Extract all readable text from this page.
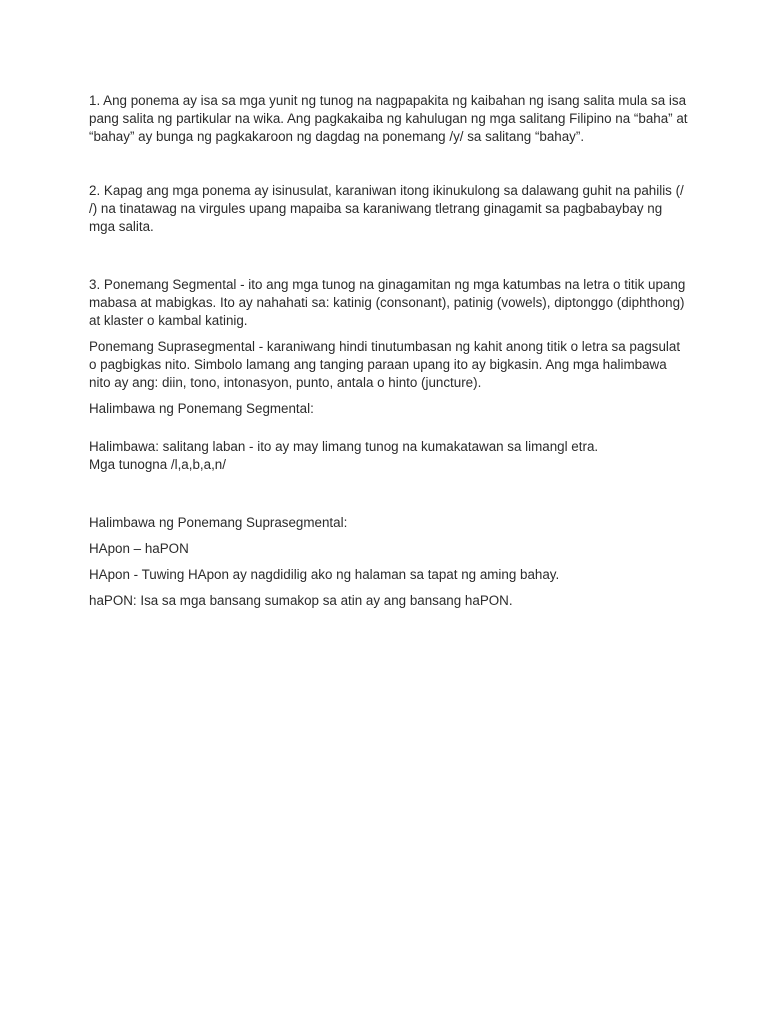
1. Ang ponema ay isa sa mga yunit ng tunog na nagpapakita ng kaibahan ng isang salita mula sa isa pang salita ng partikular na wika. Ang pagkakaiba ng kahulugan ng mga salitang Filipino na “baha” at “bahay” ay bunga ng pagkakaroon ng dagdag na ponemang /y/ sa salitang “bahay”.

2. Kapag ang mga ponema ay isinusulat, karaniwan itong ikinukulong sa dalawang guhit na pahilis (/ /) na tinatawag na virgules upang mapaiba sa karaniwang tletrang ginagamit sa pagbabaybay ng mga salita.

3. Ponemang Segmental - ito ang mga tunog na ginagamitan ng mga katumbas na letra o titik upang mabasa at mabigkas. Ito ay nahahati sa: katinig (consonant), patinig (vowels), diptonggo (diphthong) at klaster o kambal katinig.

Ponemang Suprasegmental - karaniwang hindi tinutumbasan ng kahit anong titik o letra sa pagsulat o pagbigkas nito. Simbolo lamang ang tanging paraan upang ito ay bigkasin. Ang mga halimbawa nito ay ang: diin, tono, intonasyon, punto, antala o hinto (juncture).

Halimbawa ng Ponemang Segmental:

Halimbawa: salitang laban - ito ay may limang tunog na kumakatawan sa limangl etra.
Mga tunogna /l,a,b,a,n/

Halimbawa ng Ponemang Suprasegmental:

HApon – haPON

HApon - Tuwing HApon ay nagdidilig ako ng halaman sa tapat ng aming bahay.

haPON: Isa sa mga bansang sumakop sa atin ay ang bansang haPON.
